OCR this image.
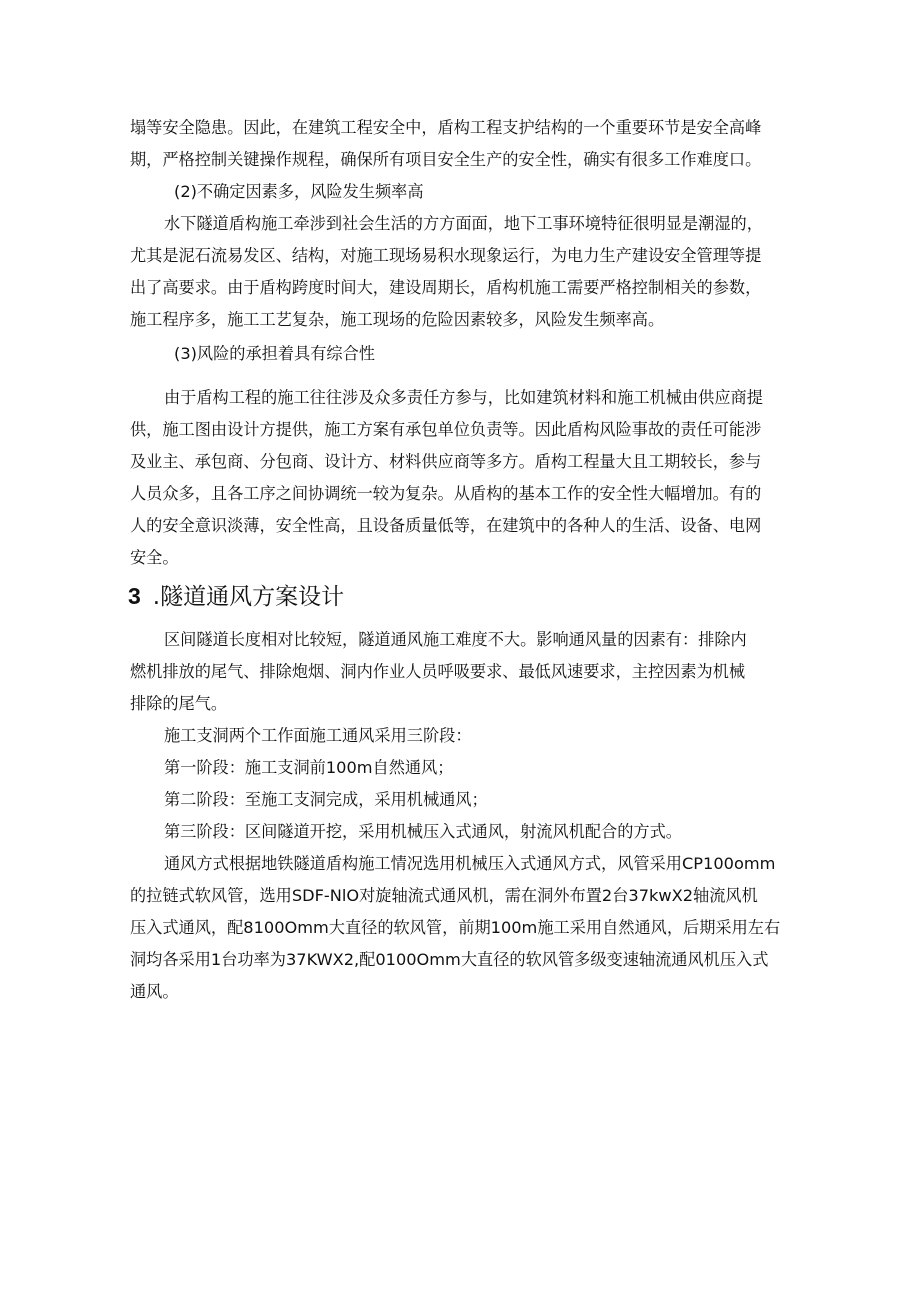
塌等安全隐患。因此，在建筑工程安全中，盾构工程支护结构的一个重要环节是安全高峰
期，严格控制关键操作规程，确保所有项目安全生产的安全性，确实有很多工作难度口。
(2)不确定因素多，风险发生频率高
水下隧道盾构施工牵涉到社会生活的方方面面，地下工事环境特征很明显是潮湿的，
尤其是泥石流易发区、结构，对施工现场易积水现象运行，为电力生产建设安全管理等提
出了高要求。由于盾构跨度时间大，建设周期长，盾构机施工需要严格控制相关的参数，
施工程序多，施工工艺复杂，施工现场的危险因素较多，风险发生频率高。
(3)风险的承担着具有综合性
由于盾构工程的施工往往涉及众多责任方参与，比如建筑材料和施工机械由供应商提
供，施工图由设计方提供，施工方案有承包单位负责等。因此盾构风险事故的责任可能涉
及业主、承包商、分包商、设计方、材料供应商等多方。盾构工程量大且工期较长，参与
人员众多，且各工序之间协调统一较为复杂。从盾构的基本工作的安全性大幅增加。有的
人的安全意识淡薄，安全性高，且设备质量低等，在建筑中的各种人的生活、设备、电网
安全。
3 .隧道通风方案设计
区间隧道长度相对比较短，隧道通风施工难度不大。影响通风量的因素有：排除内
燃机排放的尾气、排除炮烟、洞内作业人员呼吸要求、最低风速要求，主控因素为机械
排除的尾气。
施工支洞两个工作面施工通风采用三阶段：
第一阶段：施工支洞前100m自然通风；
第二阶段：至施工支洞完成，采用机械通风；
第三阶段：区间隧道开挖，采用机械压入式通风，射流风机配合的方式。
通风方式根据地铁隧道盾构施工情况选用机械压入式通风方式，风管采用CP100omm
的拉链式软风管，选用SDF-NlO对旋轴流式通风机，需在洞外布置2台37kwX2轴流风机
压入式通风，配8100Omm大直径的软风管，前期100m施工采用自然通风，后期采用左右
洞均各采用1台功率为37KWX2,配0100Omm大直径的软风管多级变速轴流通风机压入式
通风。
